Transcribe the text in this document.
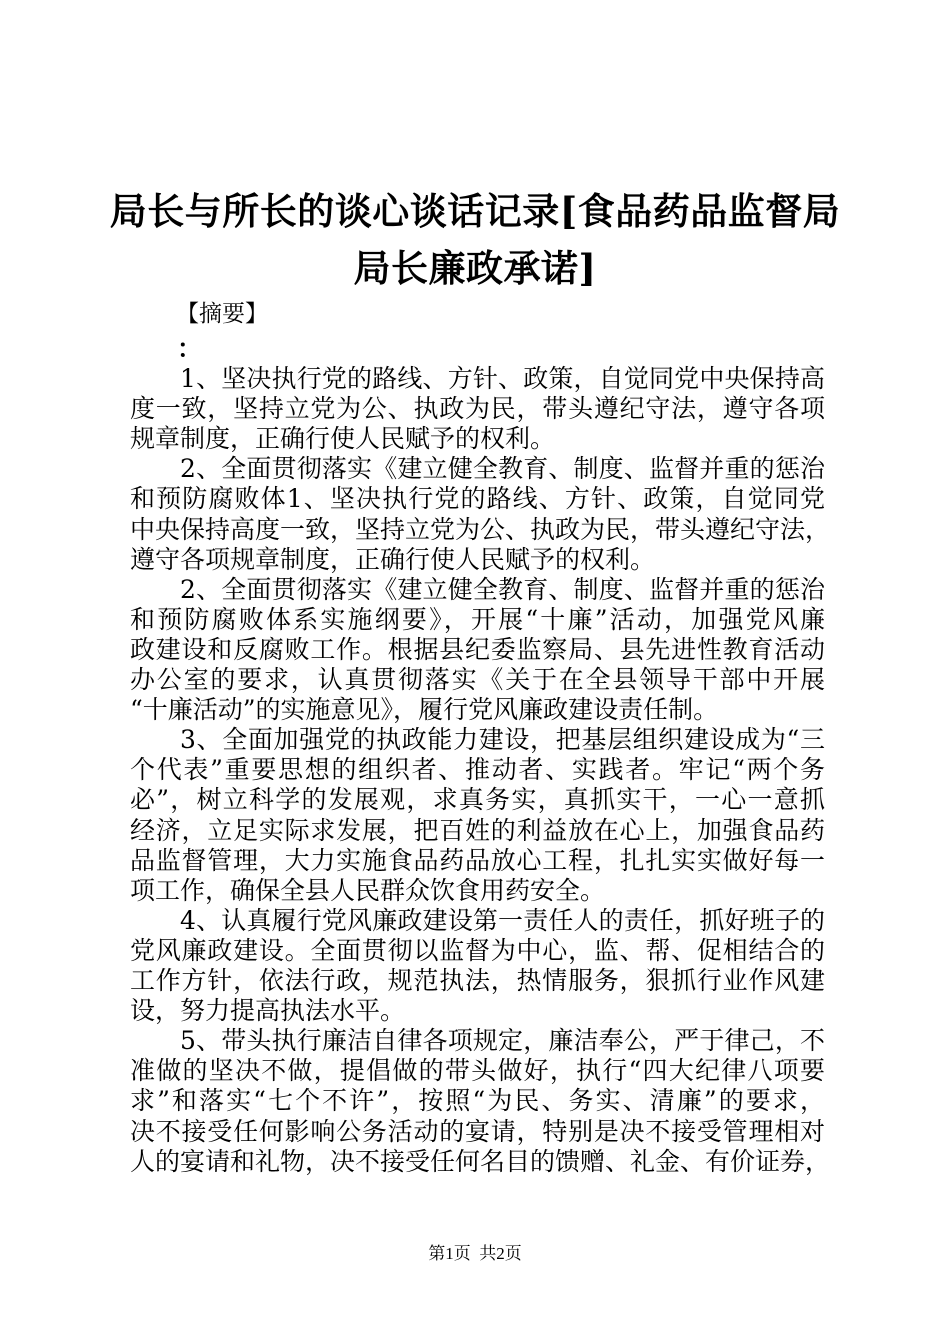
局长与所长的谈心谈话记录[食品药品监督局
局长廉政承诺]
【摘要】
：
1、坚决执行党的路线、方针、政策，自觉同党中央保持高
度一致，坚持立党为公、执政为民，带头遵纪守法，遵守各项
规章制度，正确行使人民赋予的权利。
2、全面贯彻落实《建立健全教育、制度、监督并重的惩治
和预防腐败体1、坚决执行党的路线、方针、政策，自觉同党
中央保持高度一致，坚持立党为公、执政为民，带头遵纪守法，
遵守各项规章制度，正确行使人民赋予的权利。
2、全面贯彻落实《建立健全教育、制度、监督并重的惩治
和预防腐败体系实施纲要》，开展“十廉”活动，加强党风廉
政建设和反腐败工作。根据县纪委监察局、县先进性教育活动
办公室的要求，认真贯彻落实《关于在全县领导干部中开展
“十廉活动”的实施意见》，履行党风廉政建设责任制。
3、全面加强党的执政能力建设，把基层组织建设成为“三
个代表”重要思想的组织者、推动者、实践者。牢记“两个务
必”，树立科学的发展观，求真务实，真抓实干，一心一意抓
经济，立足实际求发展，把百姓的利益放在心上，加强食品药
品监督管理，大力实施食品药品放心工程，扎扎实实做好每一
项工作，确保全县人民群众饮食用药安全。
4、认真履行党风廉政建设第一责任人的责任，抓好班子的
党风廉政建设。全面贯彻以监督为中心，监、帮、促相结合的
工作方针，依法行政，规范执法，热情服务，狠抓行业作风建
设，努力提高执法水平。
5、带头执行廉洁自律各项规定，廉洁奉公，严于律己，不
准做的坚决不做，提倡做的带头做好，执行“四大纪律八项要
求”和落实“七个不许”，按照“为民、务实、清廉”的要求，
决不接受任何影响公务活动的宴请，特别是决不接受管理相对
人的宴请和礼物，决不接受任何名目的馈赠、礼金、有价证券，
第1页 共2页
